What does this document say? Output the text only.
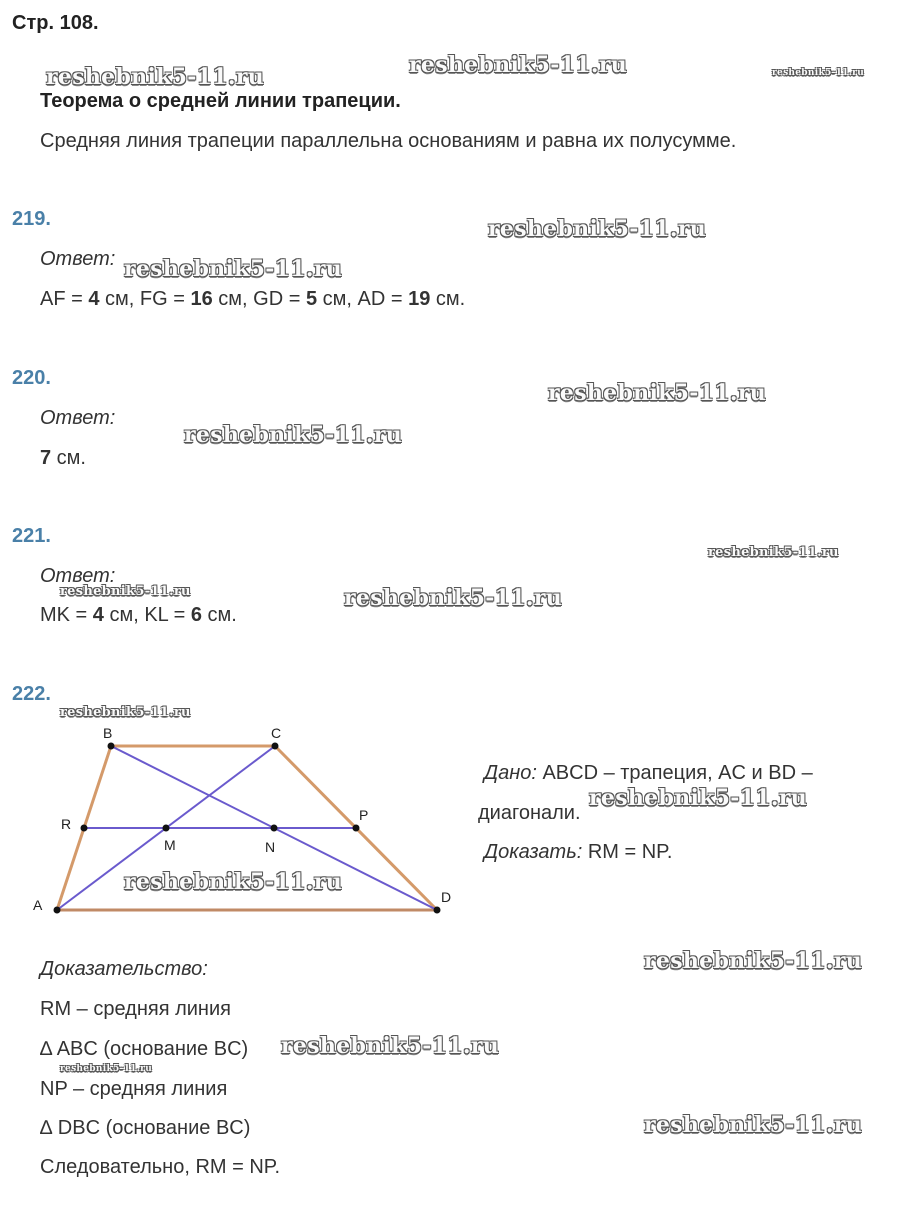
Стр. 108.
Теорема о средней линии трапеции.
Средняя линия трапеции параллельна основаниям и равна их полусумме.
219.
Ответ:
AF = 4 см, FG = 16 см, GD = 5 см, AD = 19 см.
220.
Ответ:
7 см.
221.
Ответ:
MK = 4 см, KL = 6 см.
222.
A
B	C
D
R
P
M	N
Дано: ABCD – трапеция, AC и BD –
диагонали.
Доказать: RM = NP.
Доказательство:
RM – средняя линия
∆ ABC (основание BC)
NP – средняя линия
∆ DBC (основание BC)
Следовательно, RM = NP.
reshebnik5-11.ru	reshebnik5-11.ru	reshebnik5-11.ru
reshebnik5-11.ru
reshebnik5-11.ru
reshebnik5-11.ru
reshebnik5-11.ru
reshebnik5-11.ru
reshebnik5-11.ru	reshebnik5-11.ru
reshebnik5-11.ru
reshebnik5-11.ru
reshebnik5-11.ru
reshebnik5-11.ru
reshebnik5-11.ru
reshebnik5-11.ru
reshebnik5-11.ru
